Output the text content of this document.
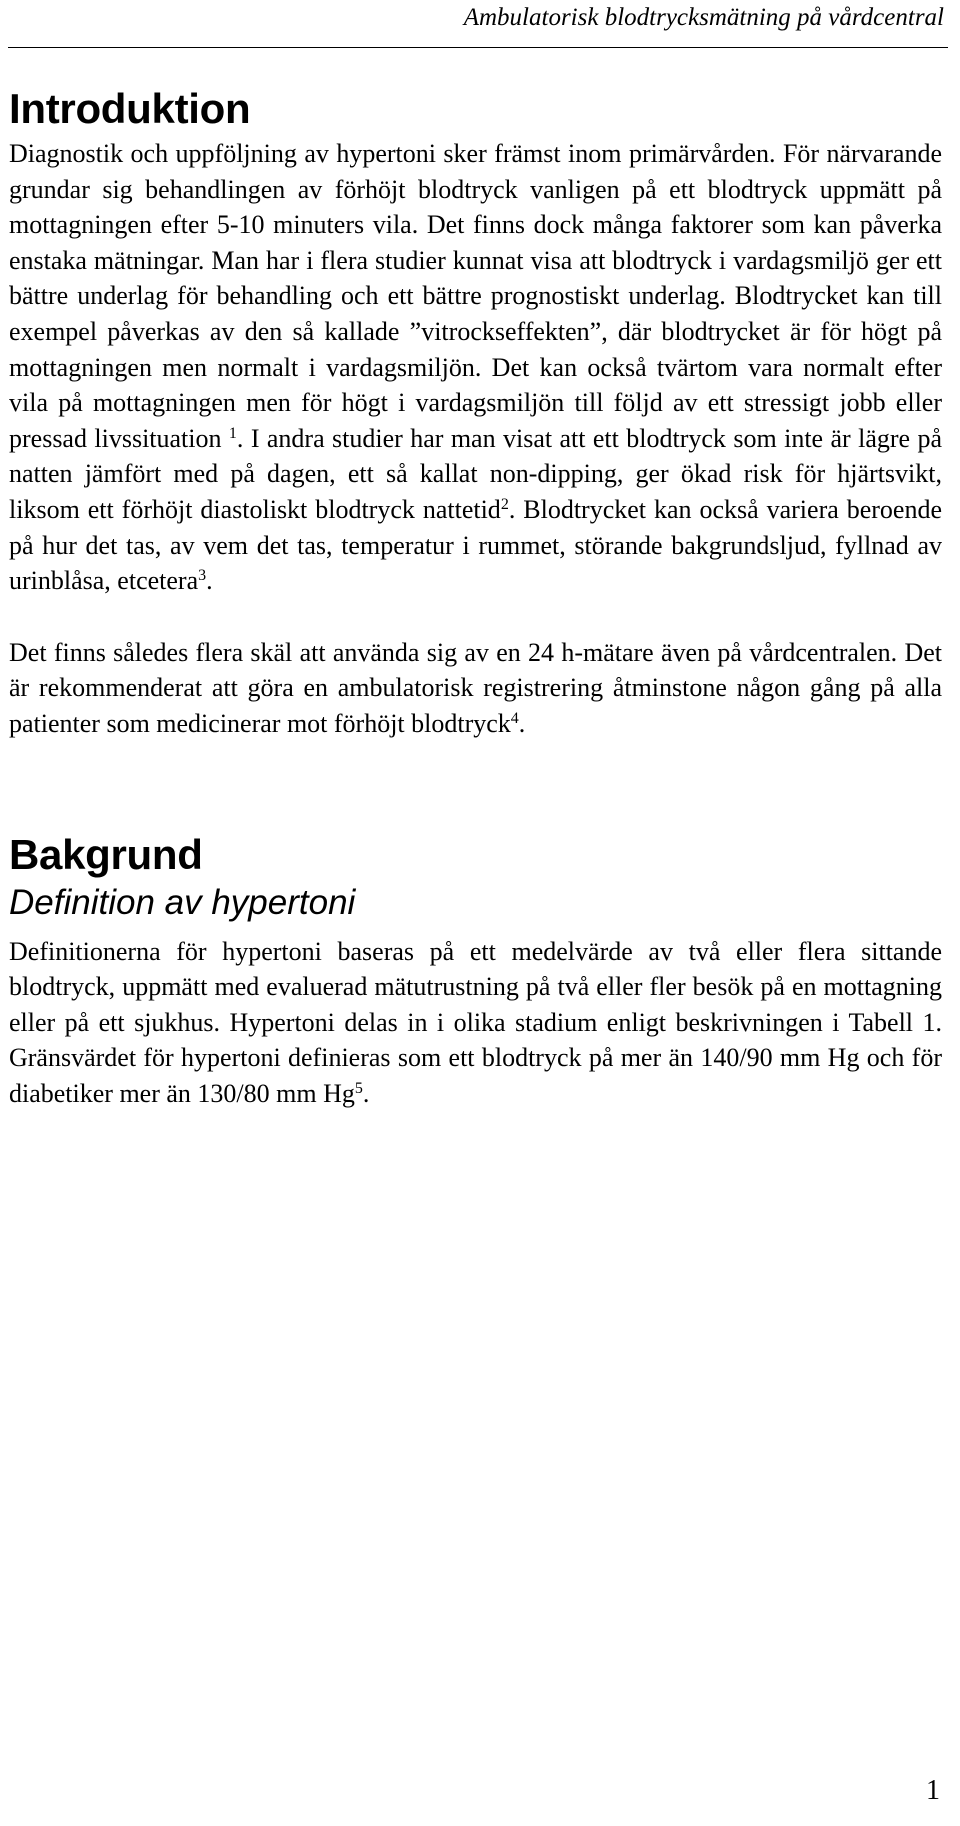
Ambulatorisk blodtrycksmätning på vårdcentral
Introduktion

Diagnostik och uppföljning av hypertoni sker främst inom primärvården. För närvarande grundar sig behandlingen av förhöjt blodtryck vanligen på ett blodtryck uppmätt på mottagningen efter 5-10 minuters vila. Det finns dock många faktorer som kan påverka enstaka mätningar. Man har i flera studier kunnat visa att blodtryck i vardagsmiljö ger ett bättre underlag för behandling och ett bättre prognostiskt underlag. Blodtrycket kan till exempel påverkas av den så kallade ”vitrockseffekten”, där blodtrycket är för högt på mottagningen men normalt i vardagsmiljön. Det kan också tvärtom vara normalt efter vila på mottagningen men för högt i vardagsmiljön till följd av ett stressigt jobb eller pressad livssituation $^1$. I andra studier har man visat att ett blodtryck som inte är lägre på natten jämfört med på dagen, ett så kallat non-dipping, ger ökad risk för hjärtsvikt, liksom ett förhöjt diastoliskt blodtryck nattetid$^2$. Blodtrycket kan också variera beroende på hur det tas, av vem det tas, temperatur i rummet, störande bakgrundsljud, fyllnad av urinblåsa, etcetera$^3$.

Det finns således flera skäl att använda sig av en 24 h-mätare även på vårdcentralen. Det är rekommenderat att göra en ambulatorisk registrering åtminstone någon gång på alla patienter som medicinerar mot förhöjt blodtryck$^4$.

Bakgrund
Definition av hypertoni

Definitionerna för hypertoni baseras på ett medelvärde av två eller flera sittande blodtryck, uppmätt med evaluerad mätutrustning på två eller fler besök på en mottagning eller på ett sjukhus. Hypertoni delas in i olika stadium enligt beskrivningen i Tabell 1. Gränsvärdet för hypertoni definieras som ett blodtryck på mer än 140/90 mm Hg och för diabetiker mer än 130/80 mm Hg$^5$.

1
